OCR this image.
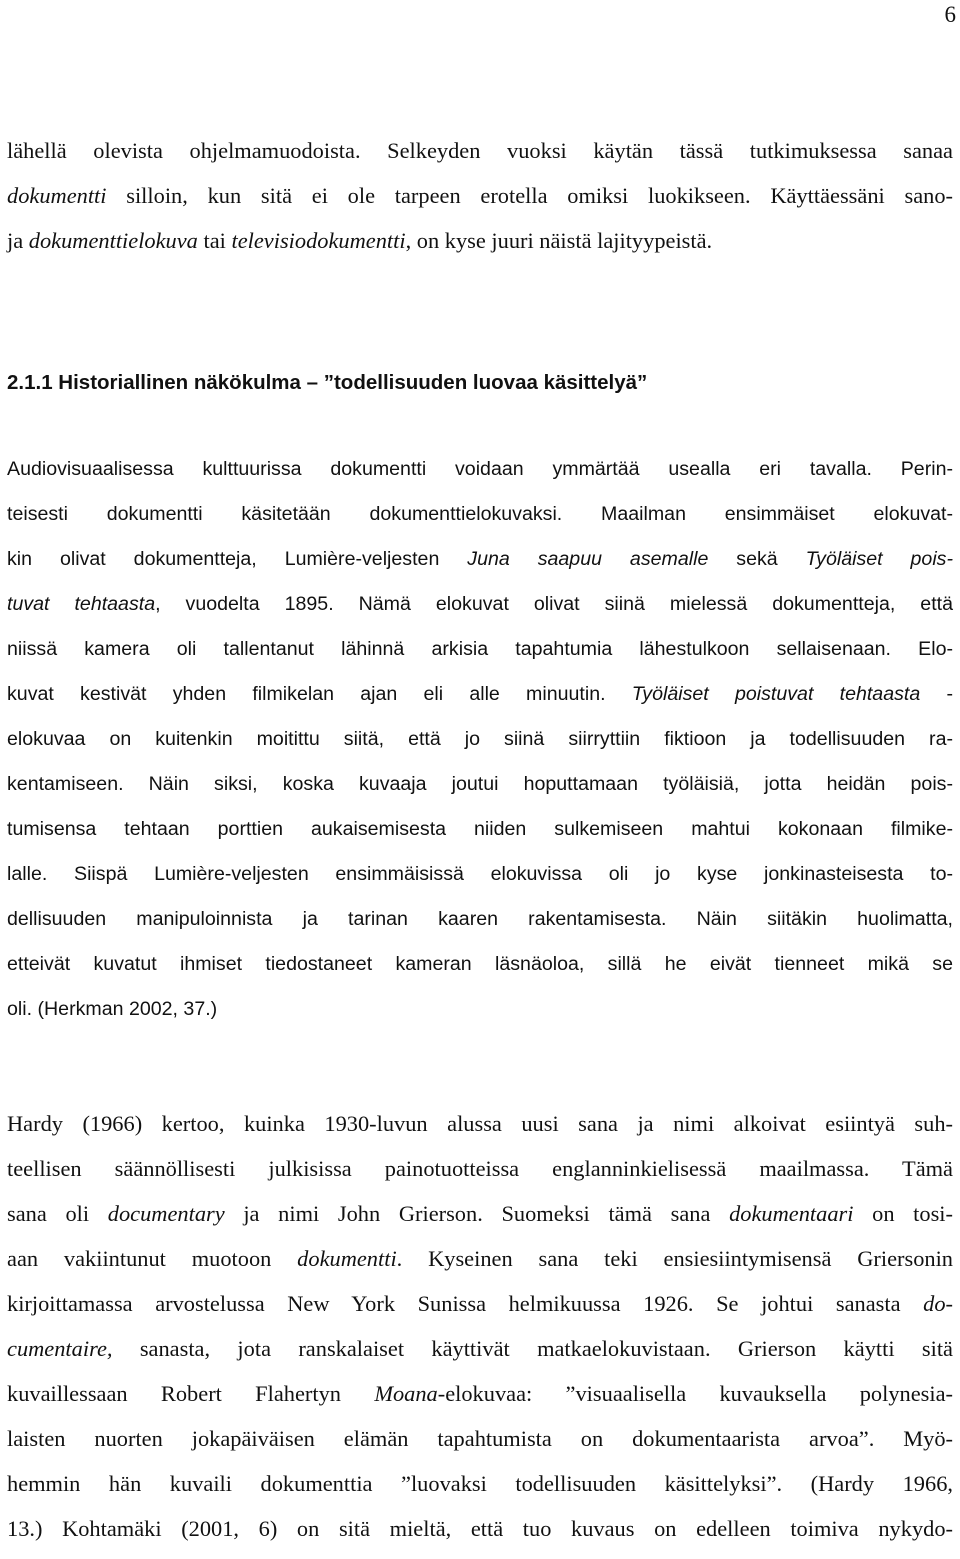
6
lähellä olevista ohjelmamuodoista. Selkeyden vuoksi käytän tässä tutkimuksessa sanaa
dokumentti silloin, kun sitä ei ole tarpeen erotella omiksi luokikseen. Käyttäessäni sano-
ja dokumenttielokuva tai televisiodokumentti, on kyse juuri näistä lajityypeistä.
2.1.1 Historiallinen näkökulma – ”todellisuuden luovaa käsittelyä”
Audiovisuaalisessa kulttuurissa dokumentti voidaan ymmärtää usealla eri tavalla. Perin-
teisesti dokumentti käsitetään dokumenttielokuvaksi. Maailman ensimmäiset elokuvat-
kin olivat dokumentteja, Lumière-veljesten Juna saapuu asemalle sekä Työläiset pois-
tuvat tehtaasta, vuodelta 1895. Nämä elokuvat olivat siinä mielessä dokumentteja, että
niissä kamera oli tallentanut lähinnä arkisia tapahtumia lähestulkoon sellaisenaan. Elo-
kuvat kestivät yhden filmikelan ajan eli alle minuutin. Työläiset poistuvat tehtaasta -
elokuvaa on kuitenkin moitittu siitä, että jo siinä siirryttiin fiktioon ja todellisuuden ra-
kentamiseen. Näin siksi, koska kuvaaja joutui hoputtamaan työläisiä, jotta heidän pois-
tumisensa tehtaan porttien aukaisemisesta niiden sulkemiseen mahtui kokonaan filmike-
lalle. Siispä Lumière-veljesten ensimmäisissä elokuvissa oli jo kyse jonkinasteisesta to-
dellisuuden manipuloinnista ja tarinan kaaren rakentamisesta. Näin siitäkin huolimatta,
etteivät kuvatut ihmiset tiedostaneet kameran läsnäoloa, sillä he eivät tienneet mikä se
oli. (Herkman 2002, 37.)
Hardy (1966) kertoo, kuinka 1930-luvun alussa uusi sana ja nimi alkoivat esiintyä suh-
teellisen säännöllisesti julkisissa painotuotteissa englanninkielisessä maailmassa. Tämä
sana oli documentary ja nimi John Grierson. Suomeksi tämä sana dokumentaari on tosi-
aan vakiintunut muotoon dokumentti. Kyseinen sana teki ensiesiintymisensä Griersonin
kirjoittamassa arvostelussa New York Sunissa helmikuussa 1926. Se johtui sanasta do-
cumentaire, sanasta, jota ranskalaiset käyttivät matkaelokuvistaan. Grierson käytti sitä
kuvaillessaan Robert Flahertyn Moana-elokuvaa: ”visuaalisella kuvauksella polynesia-
laisten nuorten jokapäiväisen elämän tapahtumista on dokumentaarista arvoa”. Myö-
hemmin hän kuvaili dokumenttia ”luovaksi todellisuuden käsittelyksi”. (Hardy 1966,
13.) Kohtamäki (2001, 6) on sitä mieltä, että tuo kuvaus on edelleen toimiva nykydo-
